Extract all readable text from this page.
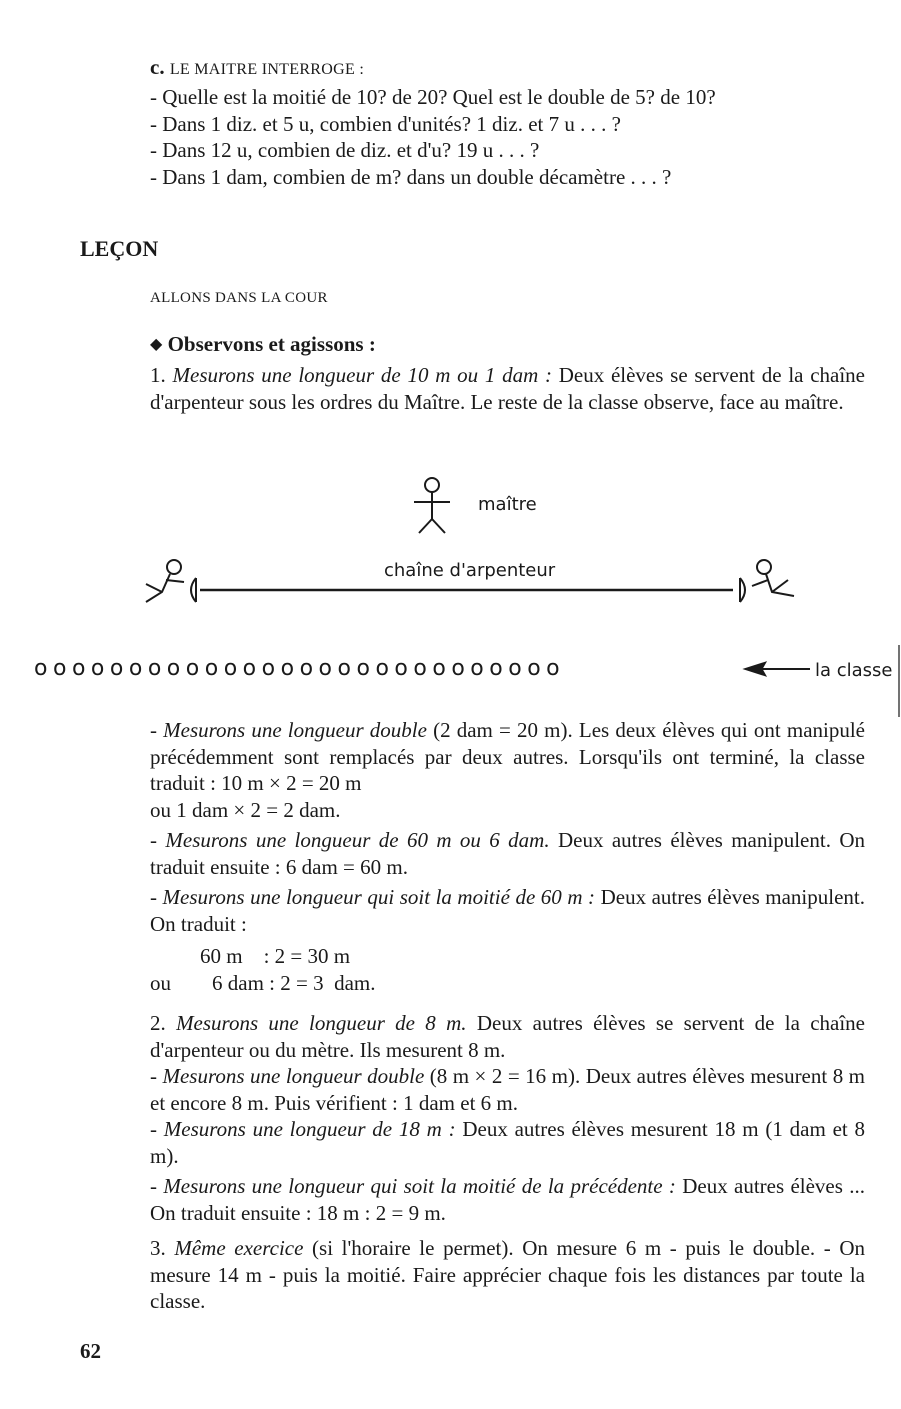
c. LE MAITRE INTERROGE :
- Quelle est la moitié de 10? de 20? Quel est le double de 5? de 10?
- Dans 1 diz. et 5 u, combien d'unités? 1 diz. et 7 u . . . ?
- Dans 12 u, combien de diz. et d'u? 19 u . . . ?
- Dans 1 dam, combien de m? dans un double décamètre . . . ?
LEÇON
ALLONS DANS LA COUR
◆ Observons et agissons :
1. Mesurons une longueur de 10 m ou 1 dam : Deux élèves se servent de la chaîne d'arpenteur sous les ordres du Maître. Le reste de la classe observe, face au maître.
maître
chaîne d'arpenteur
oooooooooooooooooooooooooooo	la classe
- Mesurons une longueur double (2 dam = 20 m). Les deux élèves qui ont manipulé précédemment sont remplacés par deux autres. Lorsqu'ils ont terminé, la classe traduit : 10 m × 2 = 20 m
ou 1 dam × 2 = 2 dam.
- Mesurons une longueur de 60 m ou 6 dam. Deux autres élèves manipulent. On traduit ensuite : 6 dam = 60 m.
- Mesurons une longueur qui soit la moitié de 60 m : Deux autres élèves manipulent. On traduit :
60 m    : 2 = 30 m
ou 6 dam : 2 = 3  dam.
2. Mesurons une longueur de 8 m. Deux autres élèves se servent de la chaîne d'arpenteur ou du mètre. Ils mesurent 8 m.
- Mesurons une longueur double (8 m × 2 = 16 m). Deux autres élèves mesurent 8 m et encore 8 m. Puis vérifient : 1 dam et 6 m.
- Mesurons une longueur de 18 m : Deux autres élèves mesurent 18 m (1 dam et 8 m).
- Mesurons une longueur qui soit la moitié de la précédente : Deux autres élèves ... On traduit ensuite : 18 m : 2 = 9 m.
3. Même exercice (si l'horaire le permet). On mesure 6 m - puis le double. - On mesure 14 m - puis la moitié. Faire apprécier chaque fois les distances par toute la classe.
62
